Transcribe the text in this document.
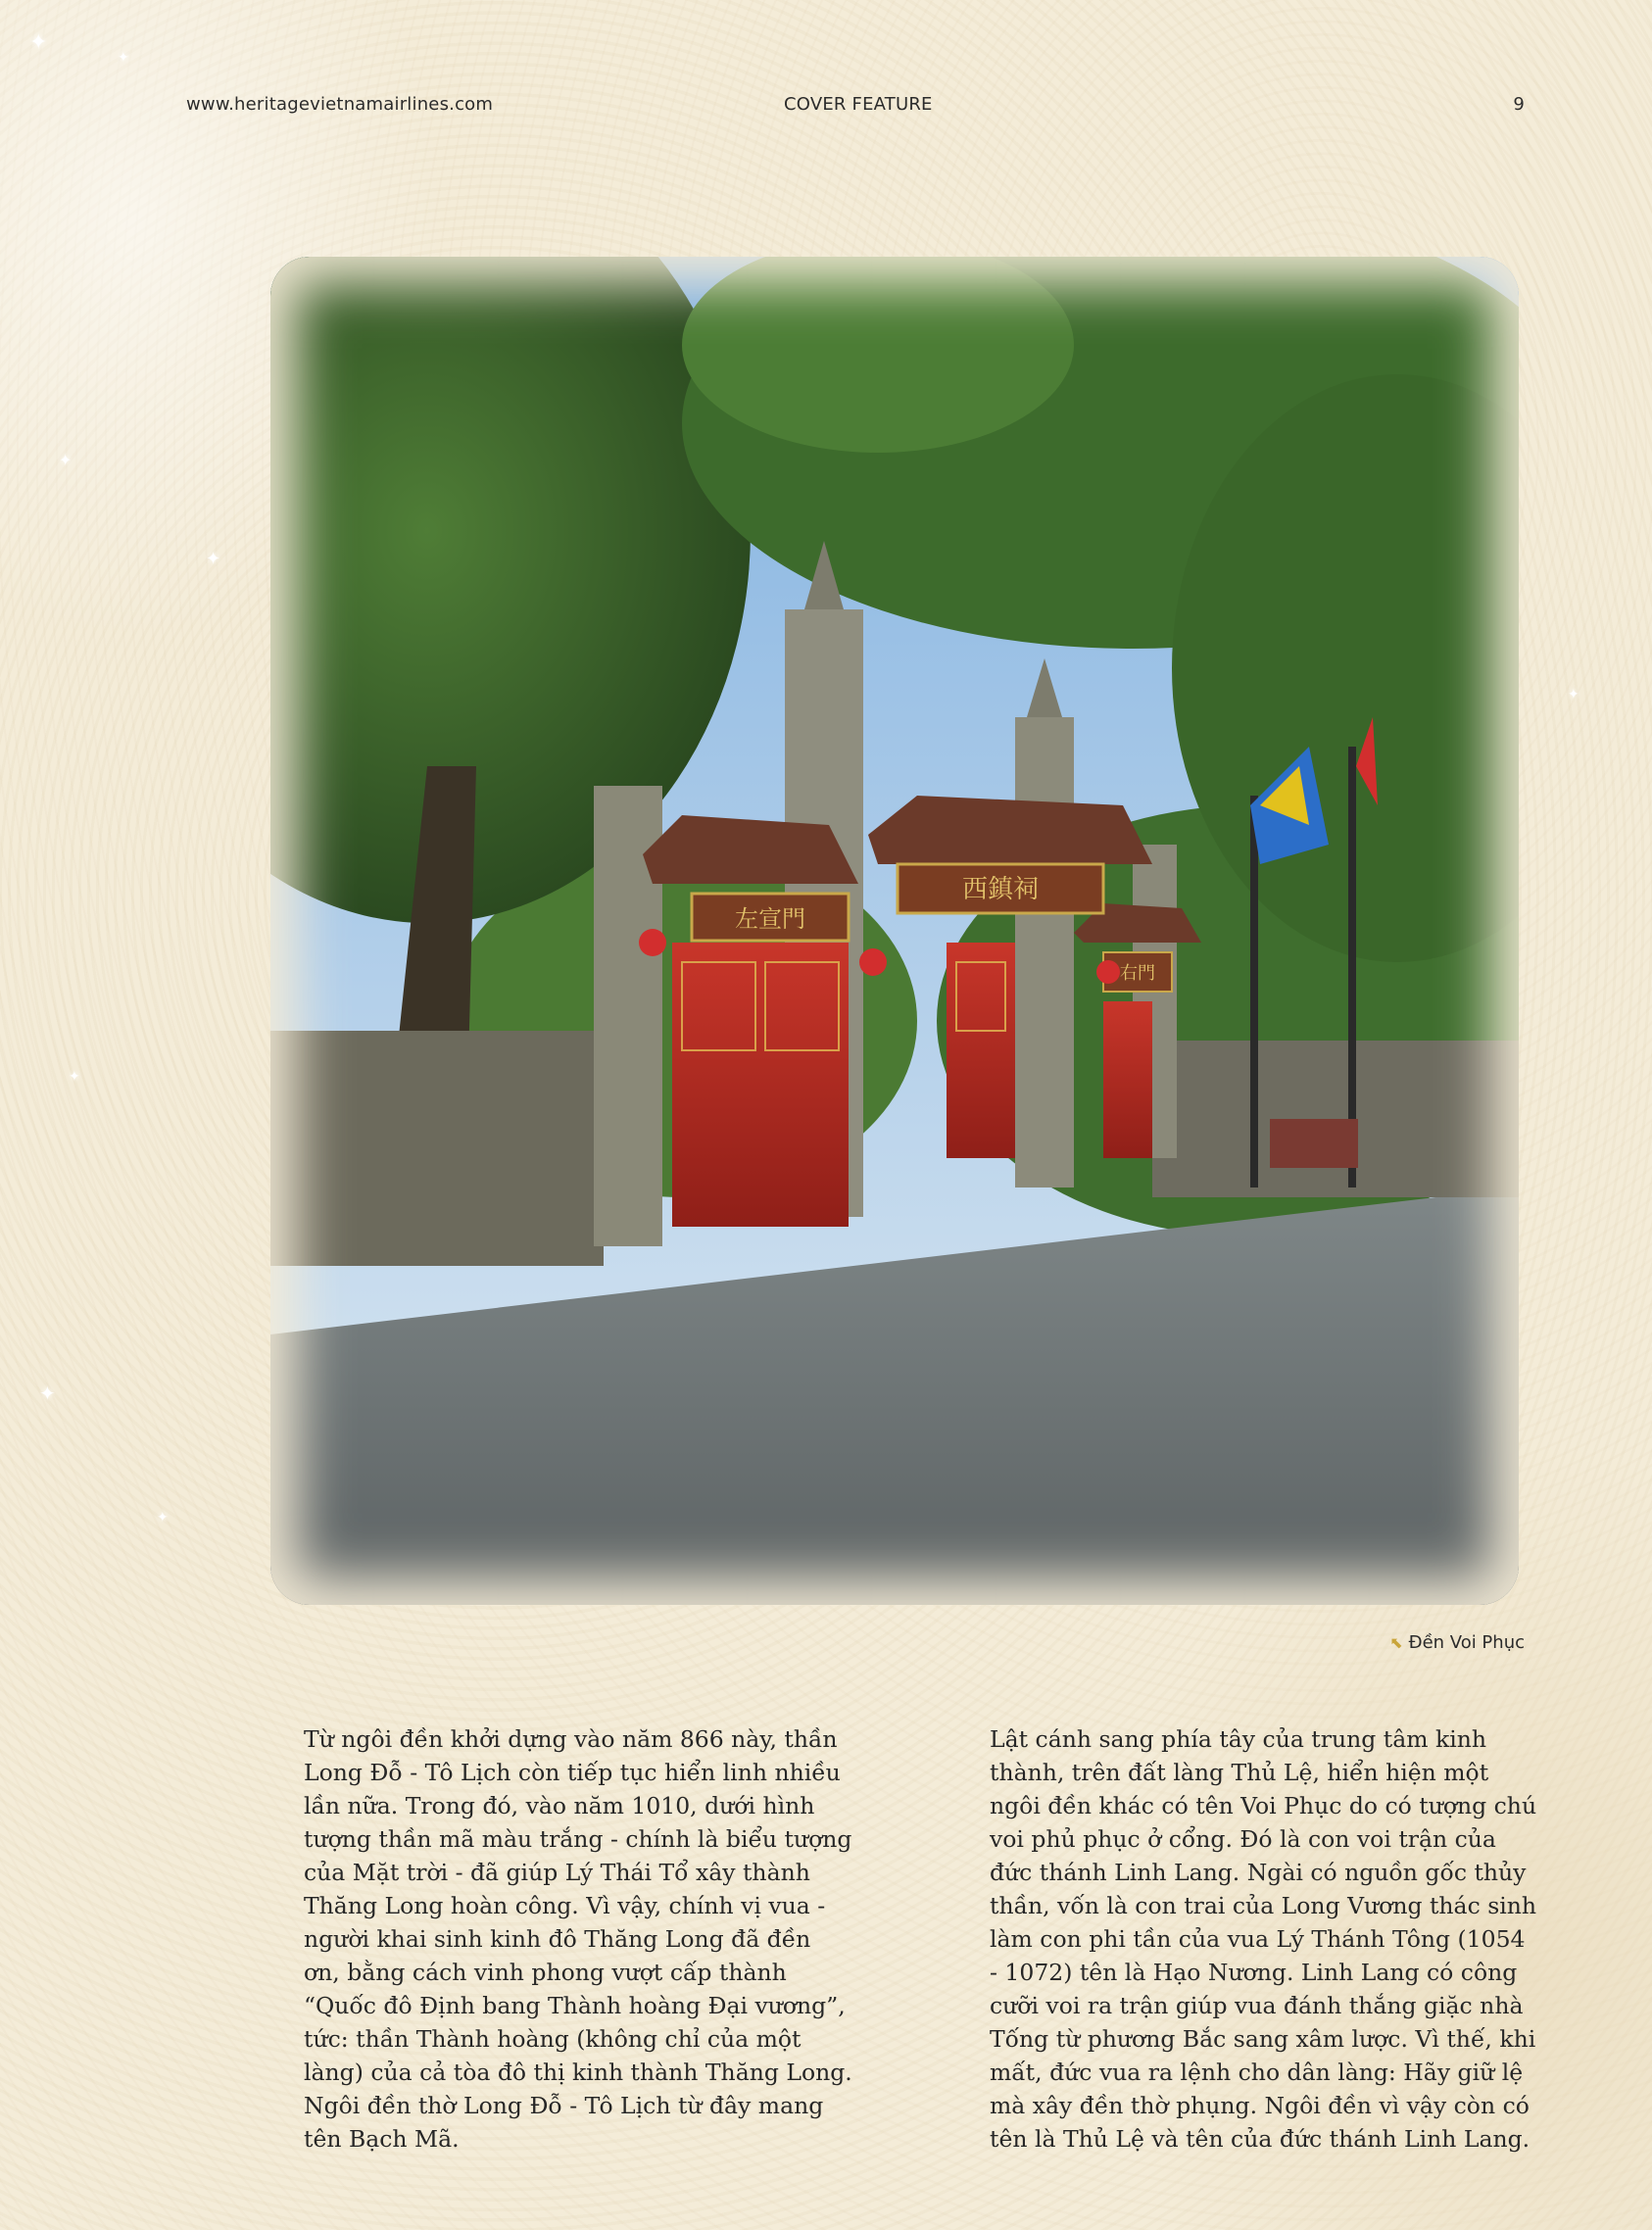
✦
✦
✦
✦
✦
✦
✦
✦
www.heritagevietnamairlines.com	COVER FEATURE	9
左宣門
西鎮祠
右門
⬉ Đền Voi Phục

Từ ngôi đền khởi dựng vào năm 866 này, thần Long Đỗ - Tô Lịch còn tiếp tục hiển linh nhiều lần nữa. Trong đó, vào năm 1010, dưới hình tượng thần mã màu trắng - chính là biểu tượng của Mặt trời - đã giúp Lý Thái Tổ xây thành Thăng Long hoàn công. Vì vậy, chính vị vua - người khai sinh kinh đô Thăng Long đã đền ơn, bằng cách vinh phong vượt cấp thành “Quốc đô Định bang Thành hoàng Đại vương”, tức: thần Thành hoàng (không chỉ của một làng) của cả tòa đô thị kinh thành Thăng Long. Ngôi đền thờ Long Đỗ - Tô Lịch từ đây mang tên Bạch Mã.

Lật cánh sang phía tây của trung tâm kinh thành, trên đất làng Thủ Lệ, hiển hiện một ngôi đền khác có tên Voi Phục do có tượng chú voi phủ phục ở cổng. Đó là con voi trận của đức thánh Linh Lang. Ngài có nguồn gốc thủy thần, vốn là con trai của Long Vương thác sinh làm con phi tần của vua Lý Thánh Tông (1054 - 1072) tên là Hạo Nương. Linh Lang có công cưỡi voi ra trận giúp vua đánh thắng giặc nhà Tống từ phương Bắc sang xâm lược. Vì thế, khi mất, đức vua ra lệnh cho dân làng: Hãy giữ lệ mà xây đền thờ phụng. Ngôi đền vì vậy còn có tên là Thủ Lệ và tên của đức thánh Linh Lang.
